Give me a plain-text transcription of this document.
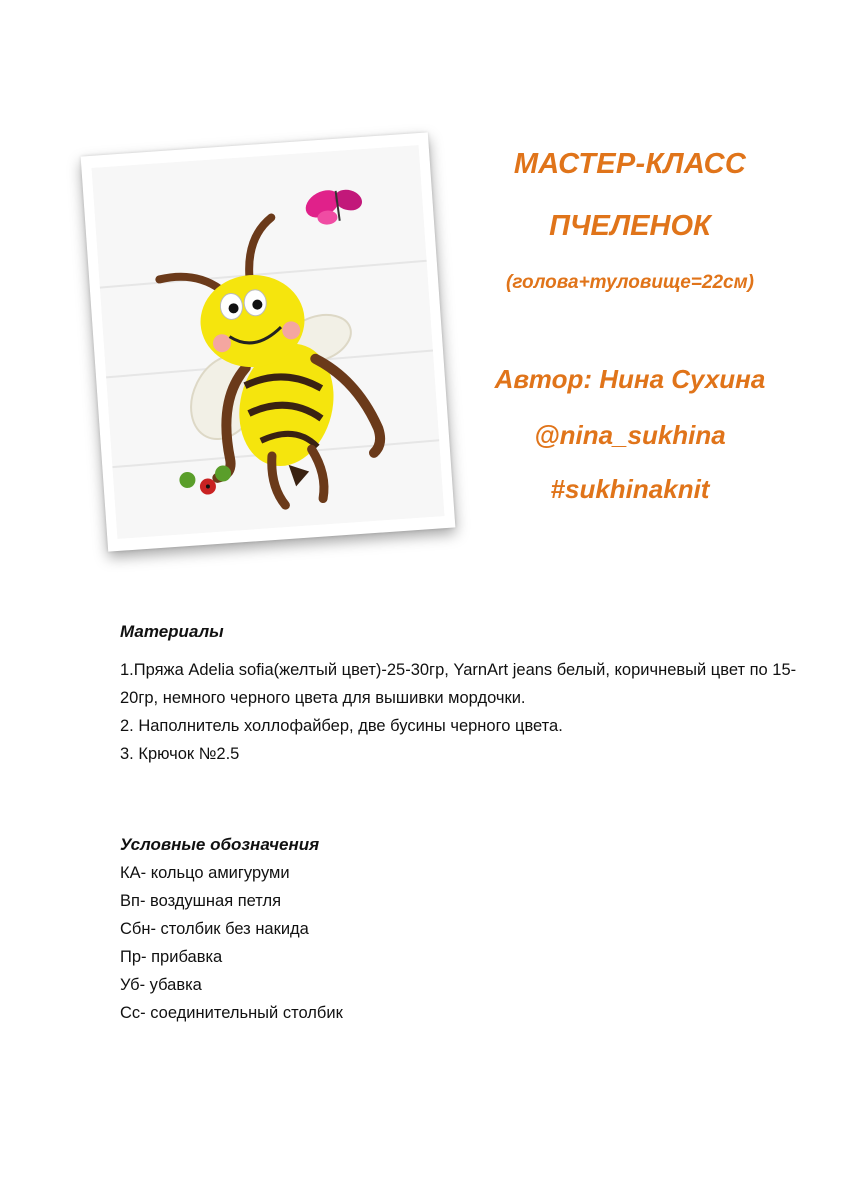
МАСТЕР-КЛАСС
ПЧЕЛЕНОК
(голова+туловище=22см)
Автор: Нина Сухина
@nina_sukhina
#sukhinaknit
Материалы
1.Пряжа Adelia sofia(желтый цвет)-25-30гр, YarnArt jeans белый, коричневый цвет по 15-20гр, немного черного цвета для вышивки мордочки.
2. Наполнитель холлофайбер, две бусины черного цвета.
3. Крючок №2.5
Условные обозначения
КА- кольцо амигуруми
Вп- воздушная петля
Сбн- столбик без накида
Пр- прибавка
Уб- убавка
Сс- соединительный столбик
